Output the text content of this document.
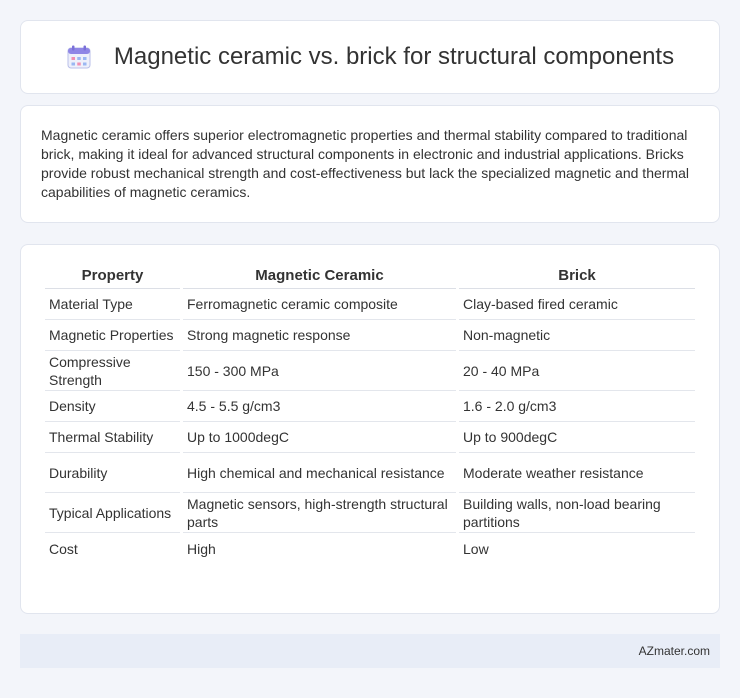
Magnetic ceramic vs. brick for structural components

Magnetic ceramic offers superior electromagnetic properties and thermal stability compared to traditional brick, making it ideal for advanced structural components in electronic and industrial applications. Bricks provide robust mechanical strength and cost-effectiveness but lack the specialized magnetic and thermal capabilities of magnetic ceramics.

Property	Magnetic Ceramic	Brick
Material Type	Ferromagnetic ceramic composite	Clay-based fired ceramic
Magnetic Properties	Strong magnetic response	Non-magnetic
Compressive Strength	150 - 300 MPa	20 - 40 MPa
Density	4.5 - 5.5 g/cm3	1.6 - 2.0 g/cm3
Thermal Stability	Up to 1000degC	Up to 900degC
Durability	High chemical and mechanical resistance	Moderate weather resistance
Typical Applications	Magnetic sensors, high-strength structural parts	Building walls, non-load bearing partitions
Cost	High	Low
AZmater.com
